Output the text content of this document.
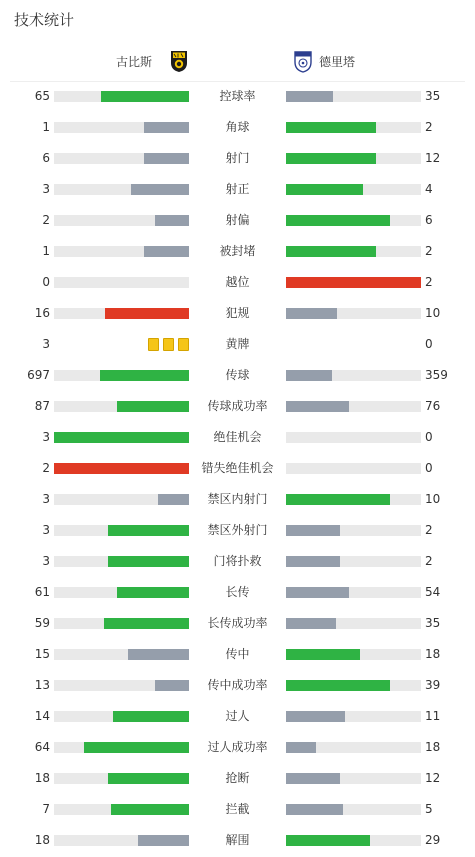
技术统计
古比斯	德里塔
65	控球率	35
1	角球	2
6	射门	12
3	射正	4
2	射偏	6
1	被封堵	2
0	越位	2
16	犯规	10
3	黄牌	0
697	传球	359
87	传球成功率	76
3	绝佳机会	0
2	错失绝佳机会	0
3	禁区内射门	10
3	禁区外射门	2
3	门将扑救	2
61	长传	54
59	长传成功率	35
15	传中	18
13	传中成功率	39
14	过人	11
64	过人成功率	18
18	抢断	12
7	拦截	5
18	解围	29
